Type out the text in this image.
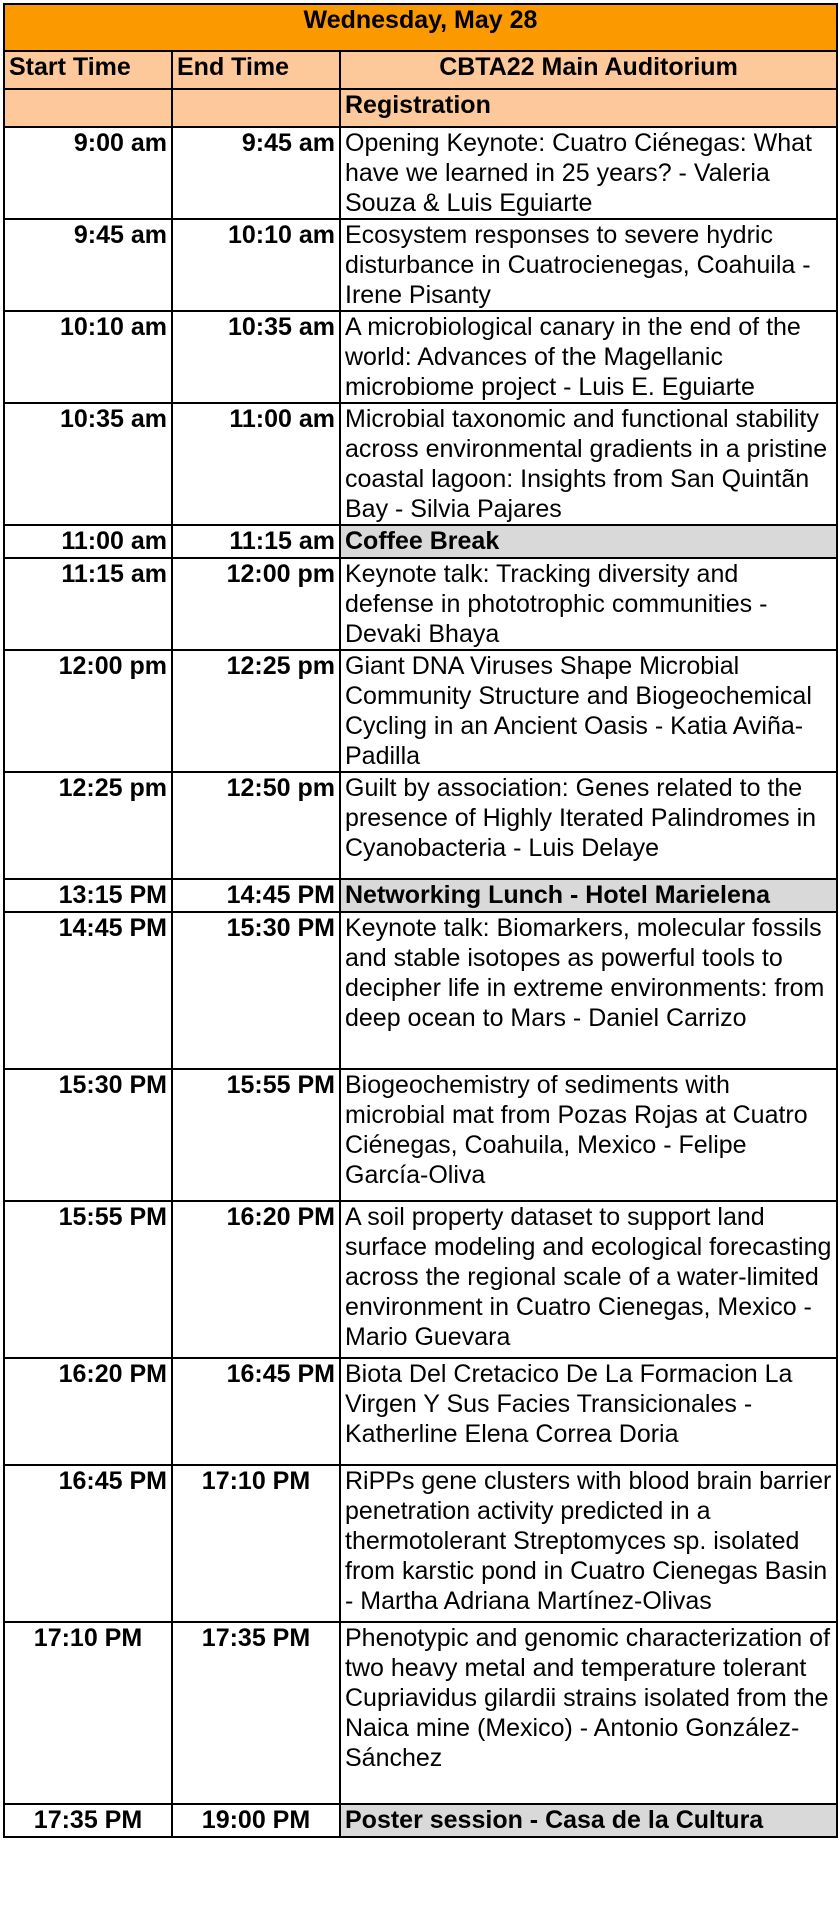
Wednesday, May 28		
Start Time	End Time	CBTA22 Main Auditorium
		Registration
9:00 am	9:45 am	Opening Keynote: Cuatro Ciénegas: What have we learned in 25 years? - Valeria Souza & Luis Eguiarte
9:45 am	10:10 am	Ecosystem responses to severe hydric disturbance in Cuatrocienegas, Coahuila - Irene Pisanty
10:10 am	10:35 am	A microbiological canary in the end of the world: Advances of the Magellanic microbiome project - Luis E. Eguiarte
10:35 am	11:00 am	Microbial taxonomic and functional stability across environmental gradients in a pristine coastal lagoon: Insights from San Quintãn Bay - Silvia Pajares
11:00 am	11:15 am	Coffee Break
11:15 am	12:00 pm	Keynote talk: Tracking diversity and defense in phototrophic communities - Devaki Bhaya
12:00 pm	12:25 pm	Giant DNA Viruses Shape Microbial Community Structure and Biogeochemical Cycling in an Ancient Oasis - Katia Aviña-Padilla
12:25 pm	12:50 pm	Guilt by association: Genes related to the presence of Highly Iterated Palindromes in Cyanobacteria - Luis Delaye
13:15 PM	14:45 PM	Networking Lunch - Hotel Marielena
14:45 PM	15:30 PM	Keynote talk: Biomarkers, molecular fossils and stable isotopes as powerful tools to decipher life in extreme environments: from deep ocean to Mars - Daniel Carrizo
15:30 PM	15:55 PM	Biogeochemistry of sediments with microbial mat from Pozas Rojas at Cuatro Ciénegas, Coahuila, Mexico - Felipe García-Oliva
15:55 PM	16:20 PM	A soil property dataset to support land surface modeling and ecological forecasting across the regional scale of a water-limited environment in Cuatro Cienegas, Mexico - Mario Guevara
16:20 PM	16:45 PM	Biota Del Cretacico De La Formacion La Virgen Y Sus Facies Transicionales - Katherline Elena Correa Doria
16:45 PM	17:10 PM	RiPPs gene clusters with blood brain barrier penetration activity predicted in a thermotolerant Streptomyces sp. isolated from karstic pond in Cuatro Cienegas Basin - Martha Adriana Martínez-Olivas
17:10 PM	17:35 PM	Phenotypic and genomic characterization of two heavy metal and temperature tolerant Cupriavidus gilardii strains isolated from the Naica mine (Mexico) - Antonio González-Sánchez
17:35 PM	19:00 PM	Poster session - Casa de la Cultura
